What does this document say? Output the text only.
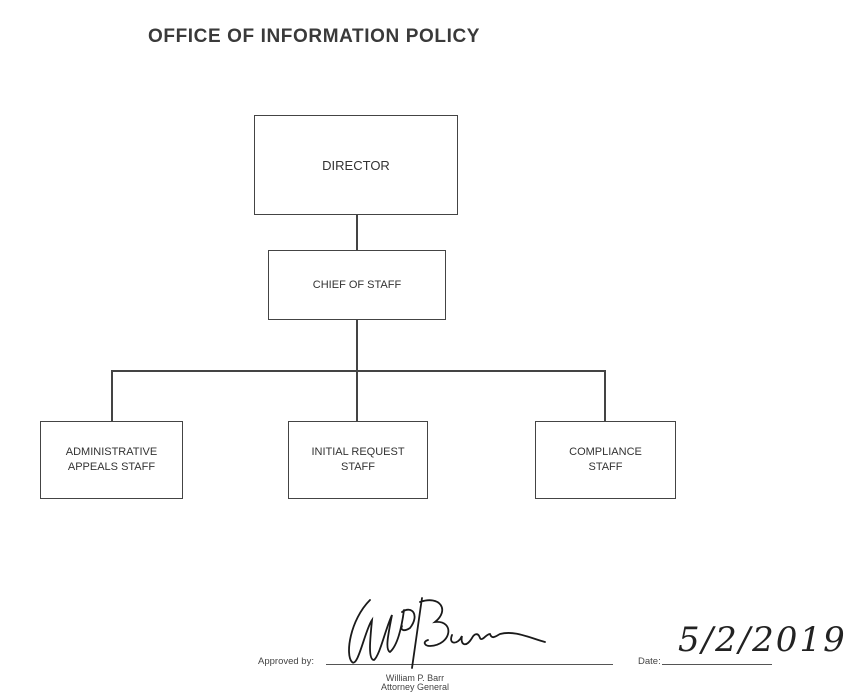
OFFICE OF INFORMATION POLICY
DIRECTOR
CHIEF OF STAFF
ADMINISTRATIVE
APPEALS STAFF
INITIAL REQUEST
STAFF
COMPLIANCE
STAFF
Approved by:	Date:
5/2/2019
William P. Barr
Attorney General
